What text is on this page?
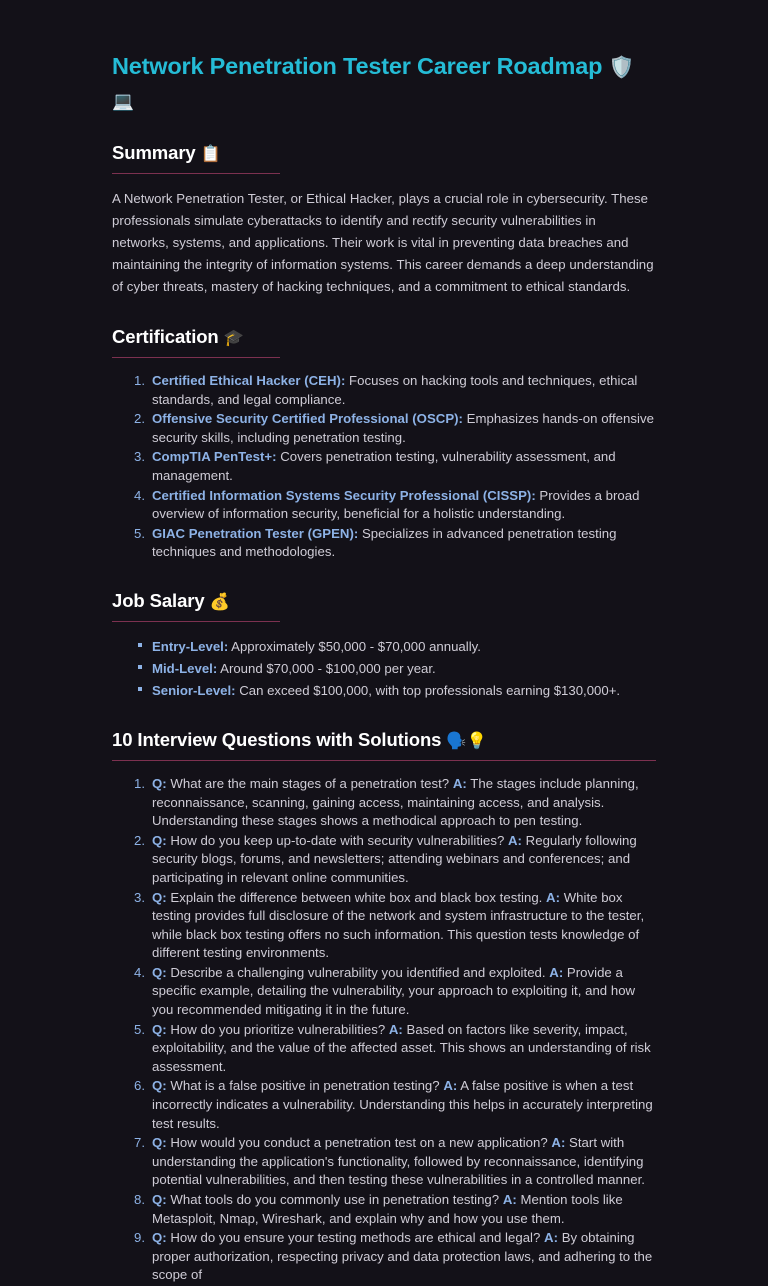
Network Penetration Tester Career Roadmap 🛡️
💻
Summary 📋

A Network Penetration Tester, or Ethical Hacker, plays a crucial role in cybersecurity. These professionals simulate cyberattacks to identify and rectify security vulnerabilities in networks, systems, and applications. Their work is vital in preventing data breaches and maintaining the integrity of information systems. This career demands a deep understanding of cyber threats, mastery of hacking techniques, and a commitment to ethical standards.

Certification 🎓
1. Certified Ethical Hacker (CEH): Focuses on hacking tools and techniques, ethical standards, and legal compliance.
2. Offensive Security Certified Professional (OSCP): Emphasizes hands-on offensive security skills, including penetration testing.
3. CompTIA PenTest+: Covers penetration testing, vulnerability assessment, and management.
4. Certified Information Systems Security Professional (CISSP): Provides a broad overview of information security, beneficial for a holistic understanding.
5. GIAC Penetration Tester (GPEN): Specializes in advanced penetration testing techniques and methodologies.
Job Salary 💰
Entry-Level: Approximately $50,000 - $70,000 annually.
Mid-Level: Around $70,000 - $100,000 per year.
Senior-Level: Can exceed $100,000, with top professionals earning $130,000+.
10 Interview Questions with Solutions 🗣️💡
1. Q: What are the main stages of a penetration test? A: The stages include planning, reconnaissance, scanning, gaining access, maintaining access, and analysis. Understanding these stages shows a methodical approach to pen testing.
2. Q: How do you keep up-to-date with security vulnerabilities? A: Regularly following security blogs, forums, and newsletters; attending webinars and conferences; and participating in relevant online communities.
3. Q: Explain the difference between white box and black box testing. A: White box testing provides full disclosure of the network and system infrastructure to the tester, while black box testing offers no such information. This question tests knowledge of different testing environments.
4. Q: Describe a challenging vulnerability you identified and exploited. A: Provide a specific example, detailing the vulnerability, your approach to exploiting it, and how you recommended mitigating it in the future.
5. Q: How do you prioritize vulnerabilities? A: Based on factors like severity, impact, exploitability, and the value of the affected asset. This shows an understanding of risk assessment.
6. Q: What is a false positive in penetration testing? A: A false positive is when a test incorrectly indicates a vulnerability. Understanding this helps in accurately interpreting test results.
7. Q: How would you conduct a penetration test on a new application? A: Start with understanding the application's functionality, followed by reconnaissance, identifying potential vulnerabilities, and then testing these vulnerabilities in a controlled manner.
8. Q: What tools do you commonly use in penetration testing? A: Mention tools like Metasploit, Nmap, Wireshark, and explain why and how you use them.
9. Q: How do you ensure your testing methods are ethical and legal? A: By obtaining proper authorization, respecting privacy and data protection laws, and adhering to the scope of
